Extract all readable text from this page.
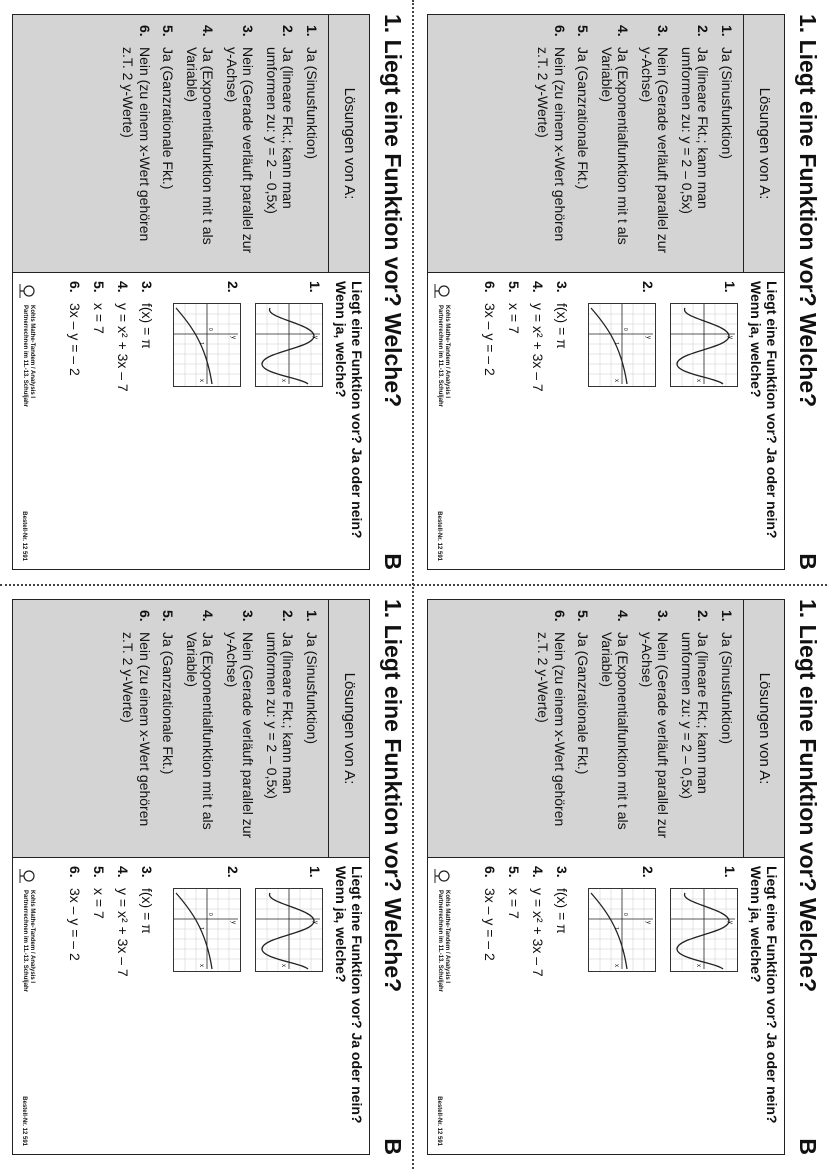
1. Liegt eine Funktion vor? Welche?
B
Lösungen von A:
1.
Ja (Sinusfunktion)
2.
Ja (lineare Fkt.; kann man umformen zu: y = 2 – 0,5x)
3.
Nein (Gerade verläuft parallel zur y-Achse)
4.
Ja (Exponentialfunktion mit t als Variable)
5.
Ja (Ganzrationale Fkt.)
6.
Nein (zu einem x-Wert gehören z.T. 2 y-Werte)
Liegt eine Funktion vor? Ja oder nein? Wenn ja, welche?
1.
y
x
2.
y
x
0
1
3.
f(x) = π
4.
y = x² + 3x – 7
5.
x = 7
6.
3x – y = – 2
Kohls Mathe-Tandem / Analysis I
Partnerrechnen im 11.-13. Schuljahr
Bestell-Nr. 12 591
1. Liegt eine Funktion vor? Welche?
B
Lösungen von A:
1.
Ja (Sinusfunktion)
2.
Ja (lineare Fkt.; kann man umformen zu: y = 2 – 0,5x)
3.
Nein (Gerade verläuft parallel zur y-Achse)
4.
Ja (Exponentialfunktion mit t als Variable)
5.
Ja (Ganzrationale Fkt.)
6.
Nein (zu einem x-Wert gehören z.T. 2 y-Werte)
Liegt eine Funktion vor? Ja oder nein? Wenn ja, welche?
1.
y
x
2.
y
x
0
1
3.
f(x) = π
4.
y = x² + 3x – 7
5.
x = 7
6.
3x – y = – 2
Kohls Mathe-Tandem / Analysis I
Partnerrechnen im 11.-13. Schuljahr
Bestell-Nr. 12 591
1. Liegt eine Funktion vor? Welche?
B
Lösungen von A:
1.
Ja (Sinusfunktion)
2.
Ja (lineare Fkt.; kann man umformen zu: y = 2 – 0,5x)
3.
Nein (Gerade verläuft parallel zur y-Achse)
4.
Ja (Exponentialfunktion mit t als Variable)
5.
Ja (Ganzrationale Fkt.)
6.
Nein (zu einem x-Wert gehören z.T. 2 y-Werte)
Liegt eine Funktion vor? Ja oder nein? Wenn ja, welche?
1.
y
x
2.
y
x
0
1
3.
f(x) = π
4.
y = x² + 3x – 7
5.
x = 7
6.
3x – y = – 2
Kohls Mathe-Tandem / Analysis I
Partnerrechnen im 11.-13. Schuljahr
Bestell-Nr. 12 591
1. Liegt eine Funktion vor? Welche?
B
Lösungen von A:
1.
Ja (Sinusfunktion)
2.
Ja (lineare Fkt.; kann man umformen zu: y = 2 – 0,5x)
3.
Nein (Gerade verläuft parallel zur y-Achse)
4.
Ja (Exponentialfunktion mit t als Variable)
5.
Ja (Ganzrationale Fkt.)
6.
Nein (zu einem x-Wert gehören z.T. 2 y-Werte)
Liegt eine Funktion vor? Ja oder nein? Wenn ja, welche?
1.
y
x
2.
y
x
0
1
3.
f(x) = π
4.
y = x² + 3x – 7
5.
x = 7
6.
3x – y = – 2
Kohls Mathe-Tandem / Analysis I
Partnerrechnen im 11.-13. Schuljahr
Bestell-Nr. 12 591
